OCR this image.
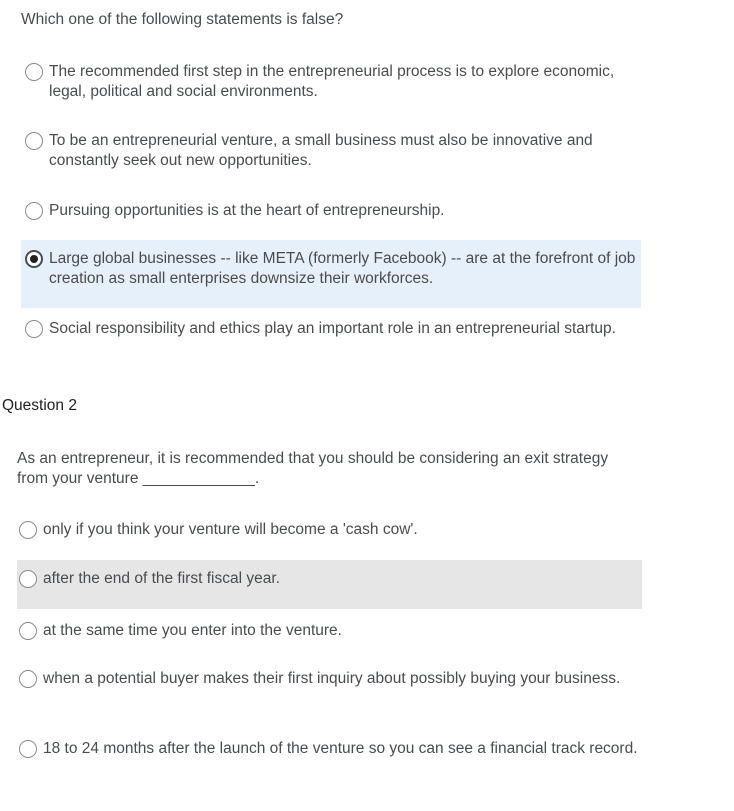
Which one of the following statements is false?

The recommended first step in the entrepreneurial process is to explore economic, legal, political and social environments.
To be an entrepreneurial venture, a small business must also be innovative and constantly seek out new opportunities.
Pursuing opportunities is at the heart of entrepreneurship.
Large global businesses -- like META (formerly Facebook) -- are at the forefront of job creation as small enterprises downsize their workforces.
Social responsibility and ethics play an important role in an entrepreneurial startup.
Question 2

As an entrepreneur, it is recommended that you should be considering an exit strategy from your venture _____________.

only if you think your venture will become a 'cash cow'.
after the end of the first fiscal year.
at the same time you enter into the venture.
when a potential buyer makes their first inquiry about possibly buying your business.
18 to 24 months after the launch of the venture so you can see a financial track record.
